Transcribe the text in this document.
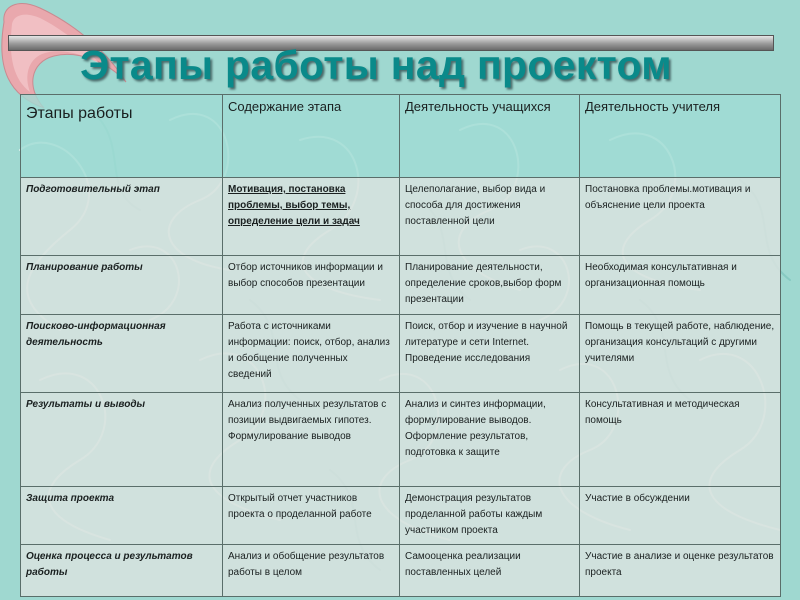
Этапы работы над проектом
Этапы работы	Содержание этапа	Деятельность учащихся	Деятельность учителя
Подготовительный этап	Мотивация, постановка проблемы, выбор темы, определение цели и задач	Целеполагание, выбор вида и способа для достижения поставленной цели	Постановка проблемы.мотивация и объяснение цели проекта
Планирование работы	Отбор источников информации и выбор способов презентации	Планирование деятельности, определение сроков,выбор форм презентации	Необходимая консультативная и организационная помощь
Поисково-информационная деятельность	Работа с источниками информации: поиск, отбор, анализ и обобщение полученных сведений	Поиск, отбор и изучение в научной литературе и сети Internet. Проведение исследования	Помощь в текущей работе, наблюдение, организация консультаций с другими учителями
Результаты и выводы	Анализ полученных результатов с позиции выдвигаемых гипотез. Формулирование выводов	Анализ и синтез информации, формулирование выводов. Оформление результатов, подготовка к защите	Консультативная и методическая помощь
Защита проекта	Открытый отчет участников проекта о проделанной работе	Демонстрация результатов проделанной работы каждым участником проекта	Участие в обсуждении
Оценка процесса и результатов работы	Анализ и обобщение результатов работы в целом	Самооценка реализации поставленных целей	Участие в анализе и оценке результатов проекта
